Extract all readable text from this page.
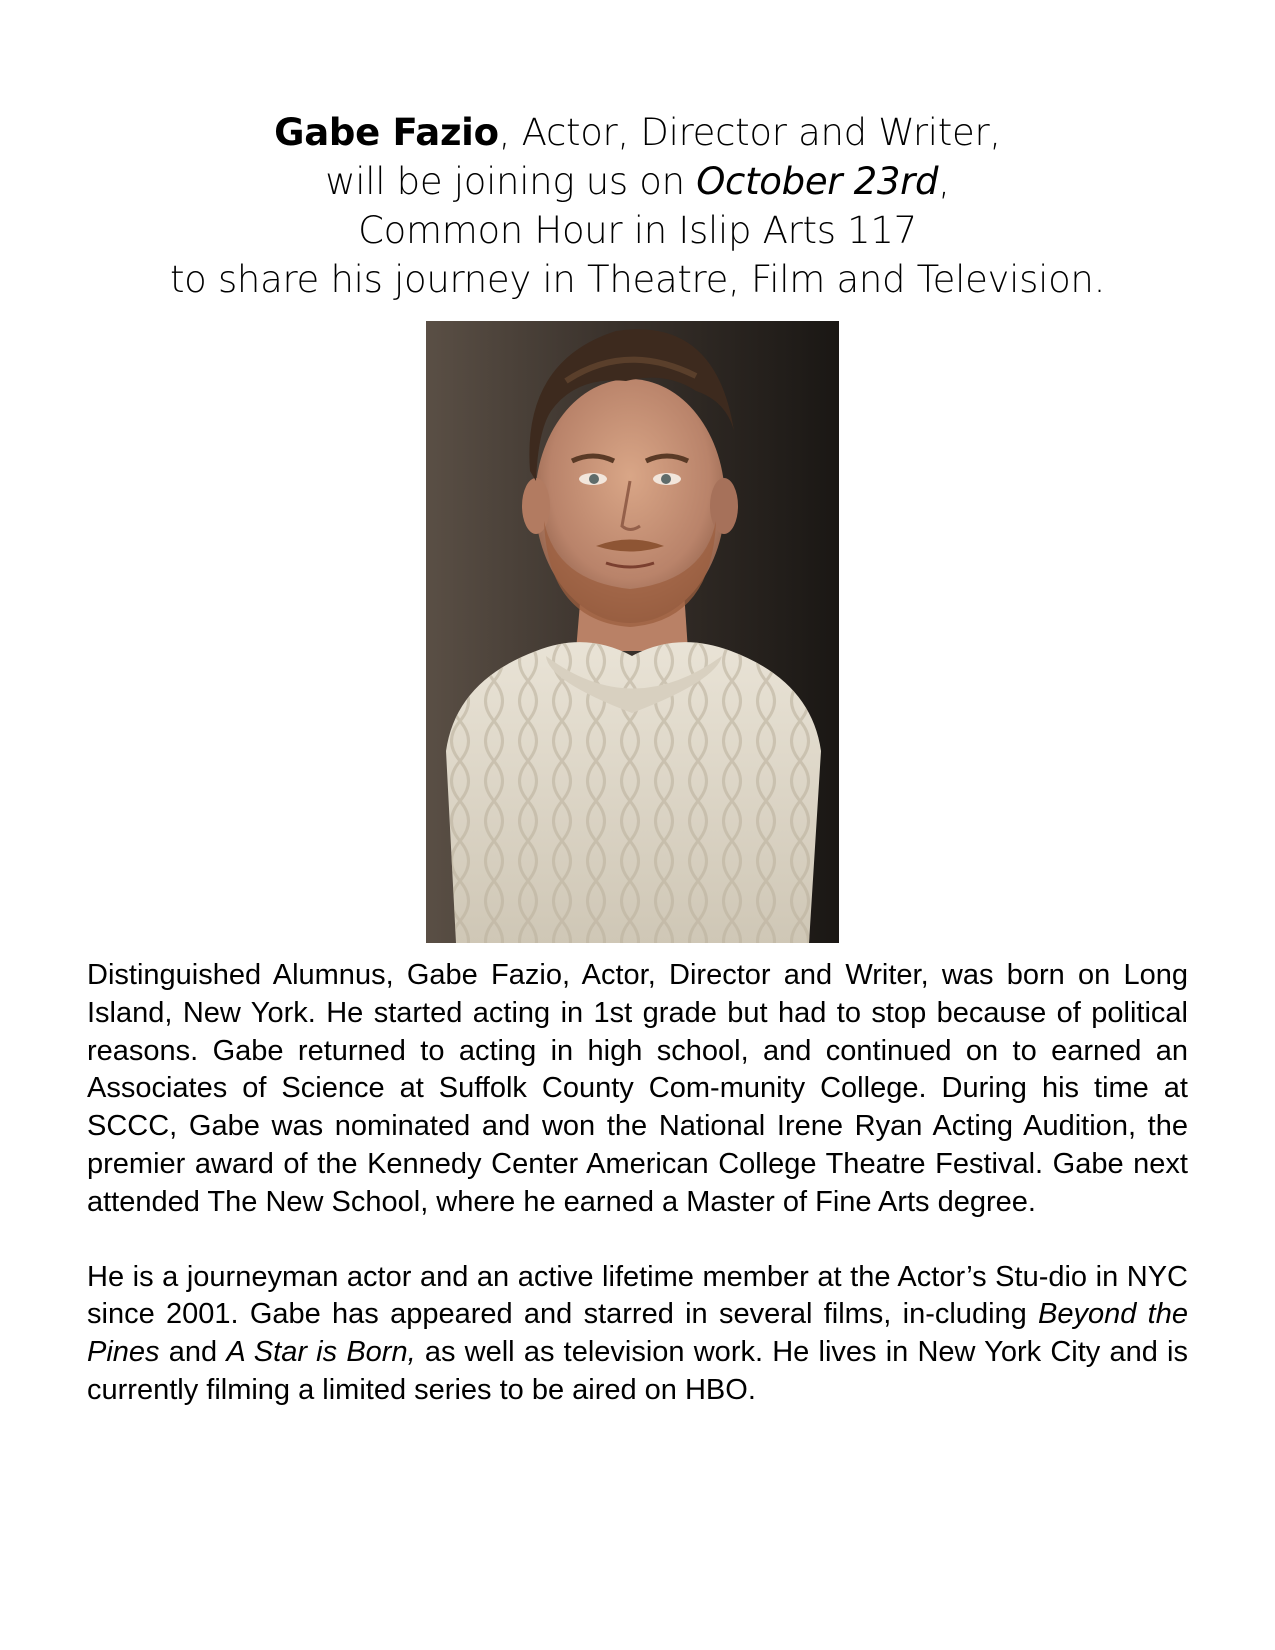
Gabe Fazio, Actor, Director and Writer,
will be joining us on October 23rd,
Common Hour in Islip Arts 117
to share his journey in Theatre, Film and Television.

Distinguished Alumnus, Gabe Fazio, Actor, Director and Writer, was born on Long Island, New York. He started acting in 1st grade but had to stop because of political reasons. Gabe returned to acting in high school, and continued on to earned an Associates of Science at Suffolk County Com-munity College. During his time at SCCC, Gabe was nominated and won the National Irene Ryan Acting Audition, the premier award of the Kennedy Center American College Theatre Festival. Gabe next attended The New School, where he earned a Master of Fine Arts degree.

He is a journeyman actor and an active lifetime member at the Actor’s Stu-dio in NYC since 2001. Gabe has appeared and starred in several films, in-cluding Beyond the Pines and A Star is Born, as well as television work. He lives in New York City and is currently filming a limited series to be aired on HBO.
